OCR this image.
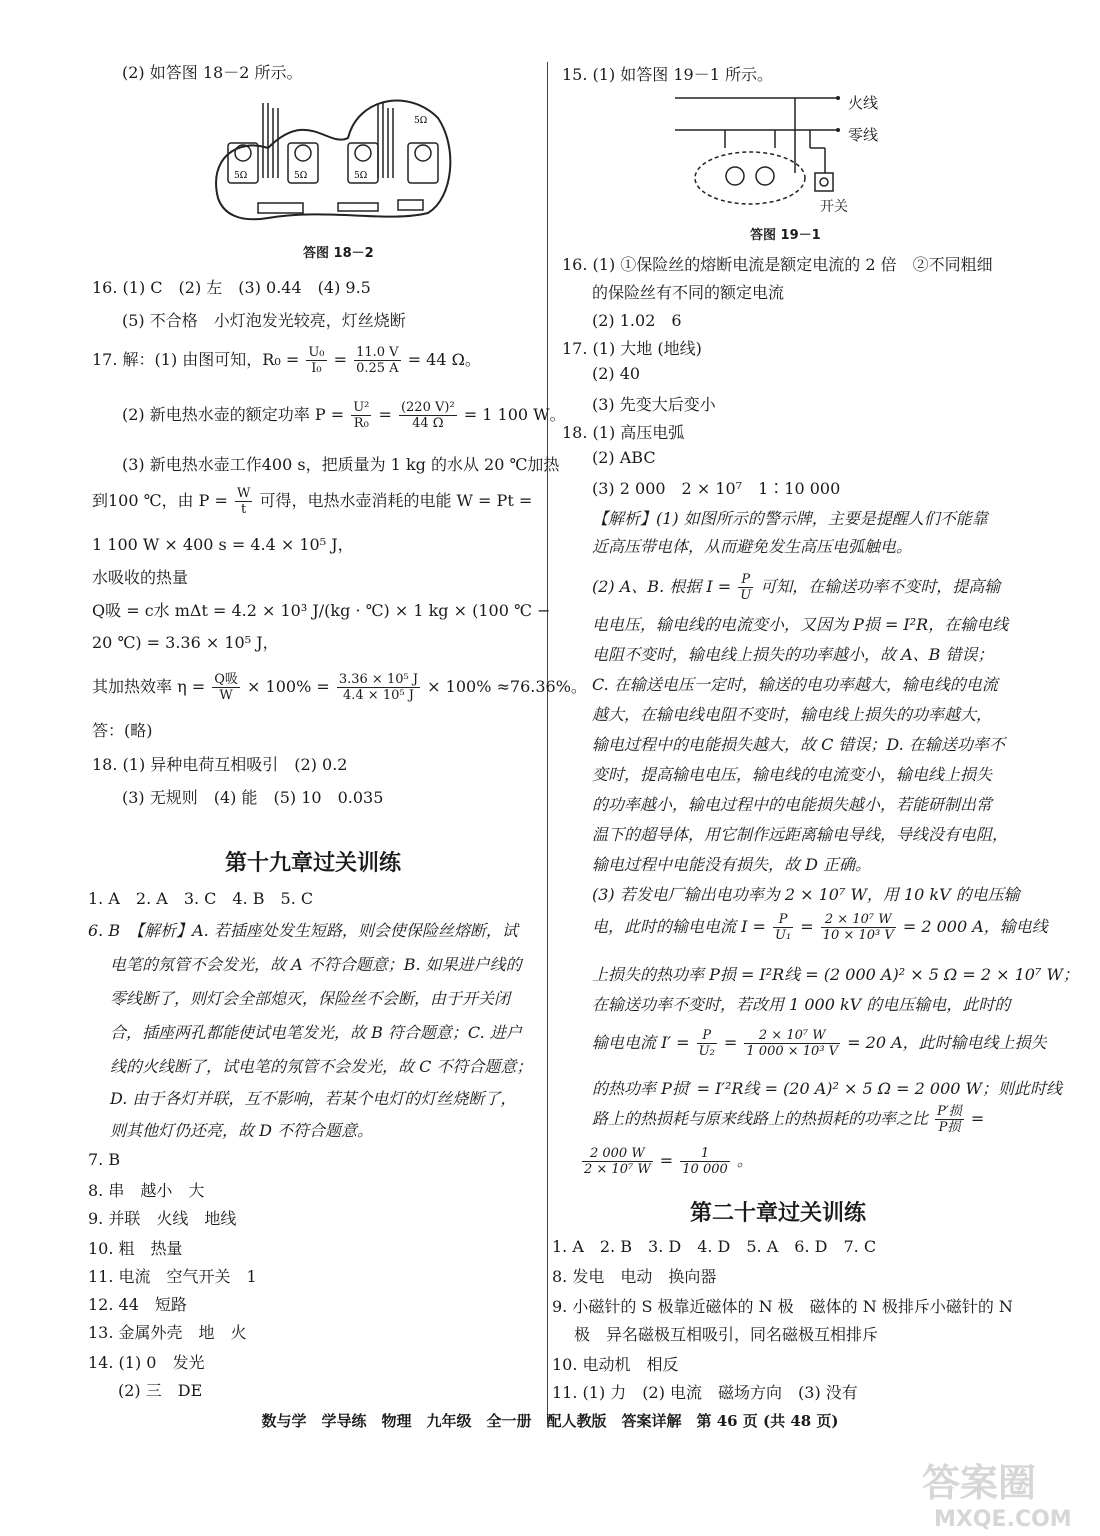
(2) 如答图 18－2 所示。
5Ω	5Ω	5Ω
5Ω
答图 18－2
16. (1) C　(2) 左　(3) 0.44　(4) 9.5
(5) 不合格　小灯泡发光较亮，灯丝烧断
17. 解：(1) 由图可知，$R_0 = \frac{\text{U₀}}{\text{I₀}} = \frac{11.0 V}{0.25 A} = 44$ Ω。
(2) 新电热水壶的额定功率 $P = \frac{\text{U²}}{\text{R₀}} = \frac{\text{(220 V)²}}{44 \Omega} = 1$ 100 W。
(3) 新电热水壶工作400 s，把质量为 1 kg 的水从 20 ℃加热
到100 ℃，由 $P = \frac{W}{t}$ 可得，电热水壶消耗的电能 W = Pt =
1 100 W × 400 s = 4.4 × 10⁵ J，
水吸收的热量
Q吸 = c水 mΔt = 4.2 × 10³ J/(kg · ℃) × 1 kg × (100 ℃ −
20 ℃) = 3.36 × 10⁵ J，
其加热效率 $\eta = \frac{\text{Q吸}}{W} \times 100\% = \frac{\text{3.36 × 10⁵ J}}{\text{4.4 × 10⁵ J}} \times 100\% \approx 76.36\%$。
答：(略)
18. (1) 异种电荷互相吸引　(2) 0.2
(3) 无规则　(4) 能　(5) 10　0.035
第十九章过关训练
1. A　2. A　3. C　4. B　5. C
6. B　【解析】A. 若插座处发生短路，则会使保险丝熔断，试
电笔的氖管不会发光，故 A 不符合题意；B. 如果进户线的
零线断了，则灯会全部熄灭，保险丝不会断，由于开关闭
合，插座两孔都能使试电笔发光，故 B 符合题意；C. 进户
线的火线断了，试电笔的氖管不会发光，故 C 不符合题意；
D. 由于各灯并联，互不影响，若某个电灯的灯丝烧断了，
则其他灯仍还亮，故 D 不符合题意。
7. B
8. 串　越小　大
9. 并联　火线　地线
10. 粗　热量
11. 电流　空气开关　1
12. 44　短路
13. 金属外壳　地　火
14. (1) 0　发光
(2) 三　DE
15. (1) 如答图 19－1 所示。
火线
零线
开关
答图 19－1
16. (1) ①保险丝的熔断电流是额定电流的 2 倍　②不同粗细
的保险丝有不同的额定电流
(2) 1.02　6
17. (1) 大地 (地线)
(2) 40
(3) 先变大后变小
18. (1) 高压电弧
(2) ABC
(3) 2 000　2 × 10⁷　1∶10 000
【解析】(1) 如图所示的警示牌，主要是提醒人们不能靠
近高压带电体，从而避免发生高压电弧触电。
(2) A、B. 根据 $I = \frac{P}{U}$ 可知，在输送功率不变时，提高输
电电压，输电线的电流变小，又因为 P损 = I²R，在输电线
电阻不变时，输电线上损失的功率越小，故 A、B 错误；
C. 在输送电压一定时，输送的电功率越大，输电线的电流
越大，在输电线电阻不变时，输电线上损失的功率越大，
输电过程中的电能损失越大，故 C 错误；D. 在输送功率不
变时，提高输电电压，输电线的电流变小，输电线上损失
的功率越小，输电过程中的电能损失越小，若能研制出常
温下的超导体，用它制作远距离输电导线，导线没有电阻，
输电过程中电能没有损失，故 D 正确。
(3) 若发电厂输出电功率为 2 × 10⁷ W，用 10 kV 的电压输
电，此时的输电电流 $I = \frac{P}{\text{U₁}} = \frac{\text{2 × 10⁷ W}}{\text{10 × 10³ V}} = 2$ 000 A，输电线
上损失的热功率 P损 = I²R线 = (2 000 A)² × 5 Ω = 2 × 10⁷ W；
在输送功率不变时，若改用 1 000 kV 的电压输电，此时的
输电电流 $I' = \frac{P}{\text{U₂}} = \frac{\text{2 × 10⁷ W}}{\text{1 000 × 10³ V}} = 20$ A，此时输电线上损失
的热功率 P损′ = I′²R线 = (20 A)² × 5 Ω = 2 000 W；则此时线
路上的热损耗与原来线路上的热损耗的功率之比 $\frac{\text{P′损}}{\text{P损}}$ =
$\frac{2 000 W}{\text{2 × 10⁷ W}} = \frac{1}{10 000}$ 。
第二十章过关训练
1. A　2. B　3. D　4. D　5. A　6. D　7. C
8. 发电　电动　换向器
9. 小磁针的 S 极靠近磁体的 N 极　磁体的 N 极排斥小磁针的 N
极　异名磁极互相吸引，同名磁极互相排斥
10. 电动机　相反
11. (1) 力　(2) 电流　磁场方向　(3) 没有
数与学　学导练　物理　九年级　全一册　配人教版　答案详解　第 46 页 (共 48 页)
答案圈
MXQE.COM
